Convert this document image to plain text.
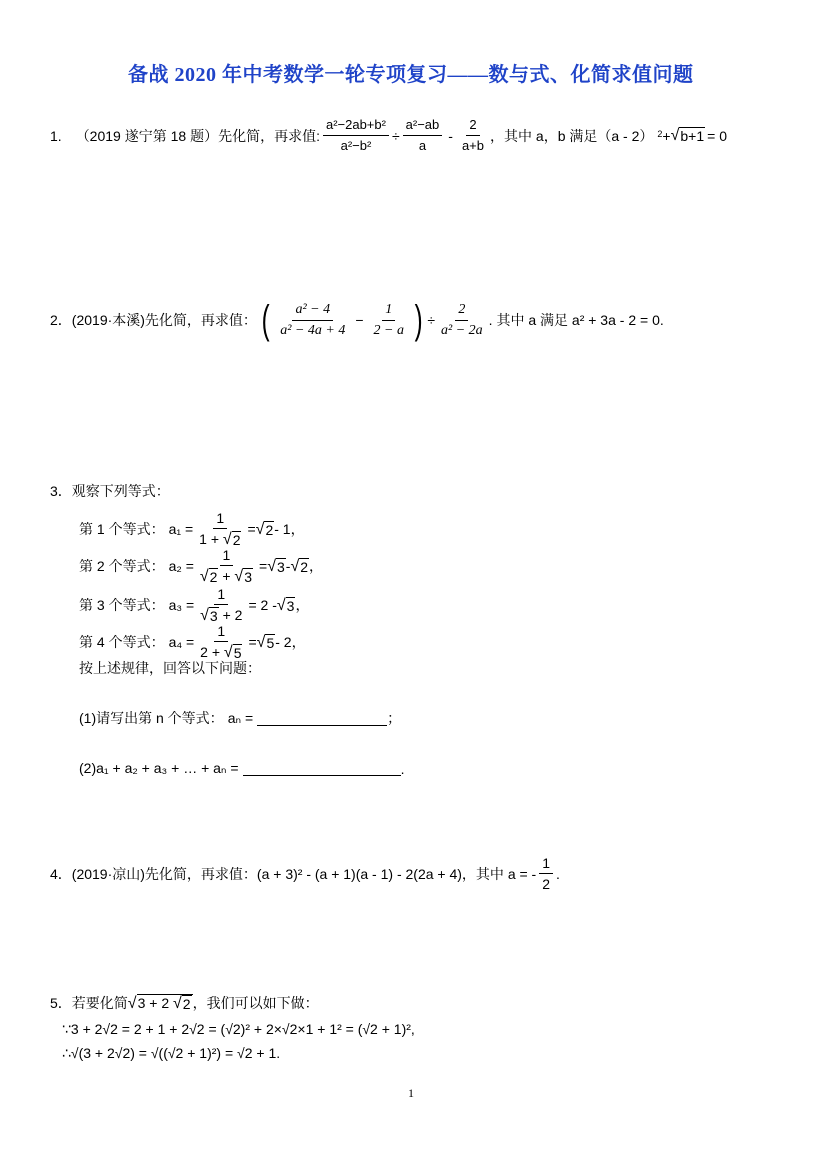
备战 2020 年中考数学一轮专项复习——数与式、化简求值问题
1. （2019 遂宁第 18 题）先化简，再求值: $\frac{\text{a²−2ab+b²}}{\text{a²−b²}} \div \frac{\text{a²−ab}}{a} - \frac{2}{a+b}$ ，其中 a，b 满足（a - 2） 2 + √ b+1 = 0
2． (2019·本溪)先化简，再求值： ( $\frac{\text{a² − 4}}{\text{a² − 4a + 4}} - \frac{1}{2 - a}$ ) ÷ $\frac{2}{\text{a² − 2a}}$ . 其中 a 满足 a² + 3a - 2 = 0.
3．观察下列等式：
第 1 个等式： $a_1 = \frac{1}{1 + √ 2}$ = √ 2 - 1 ，
第 2 个等式： $a_2 = \frac{1}{√ 2 + √ 3}$ = √ 3 - √ 2 ，
第 3 个等式： $a_3 = \frac{1}{√ 3 + 2} = 2$ - √ 3 ，
第 4 个等式： $a_4 = \frac{1}{2 + √ 5}$ = √ 5 - 2 ，
按上述规律，回答以下问题：
(1)请写出第 n 个等式： aₙ =	；
(2)a₁ + a₂ + a₃ + … + aₙ =	.
4．(2019·凉山)先化简，再求值：(a + 3)² - (a + 1)(a - 1) - 2(2a + 4)，其中 a = - $\frac{1}{2}$ .
5．若要化简 √ 3 + 2 √ 2 ，我们可以如下做：
∵3 + 2√2 = 2 + 1 + 2√2 = (√2)² + 2×√2×1 + 1² = (√2 + 1)²,
∴√(3 + 2√2) = √((√2 + 1)²) = √2 + 1.
1
